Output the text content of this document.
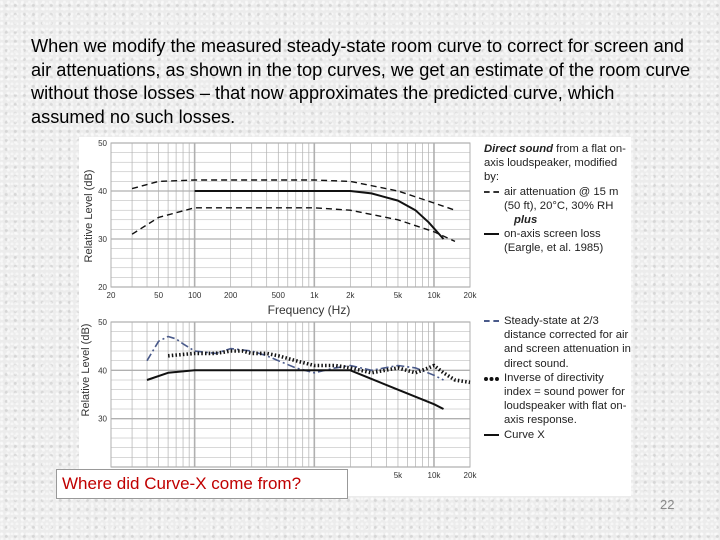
When we modify the measured steady-state room curve to correct for screen and air attenuations, as shown in the top curves, we get an estimate of the room curve without those losses – that now approximates the predicted curve, which assumed no such losses.

Relative Level (dB)
Frequency (Hz)
20
30
40
50
20	50	100	200	500	1k	2k	5k	10k	20k
Relative Level (dB)
30
40
50
5k	10k	20k
Direct sound from a flat on-axis loudspeaker, modified by:
air attenuation @ 15 m (50 ft), 20°C, 30% RH
plus
on-axis screen loss (Eargle, et al. 1985)
Steady-state at 2/3 distance corrected for air and screen attenuation in direct sound.
Inverse of directivity index = sound power for loudspeaker with flat on-axis response.
Curve X
Where did Curve-X come from?
22
